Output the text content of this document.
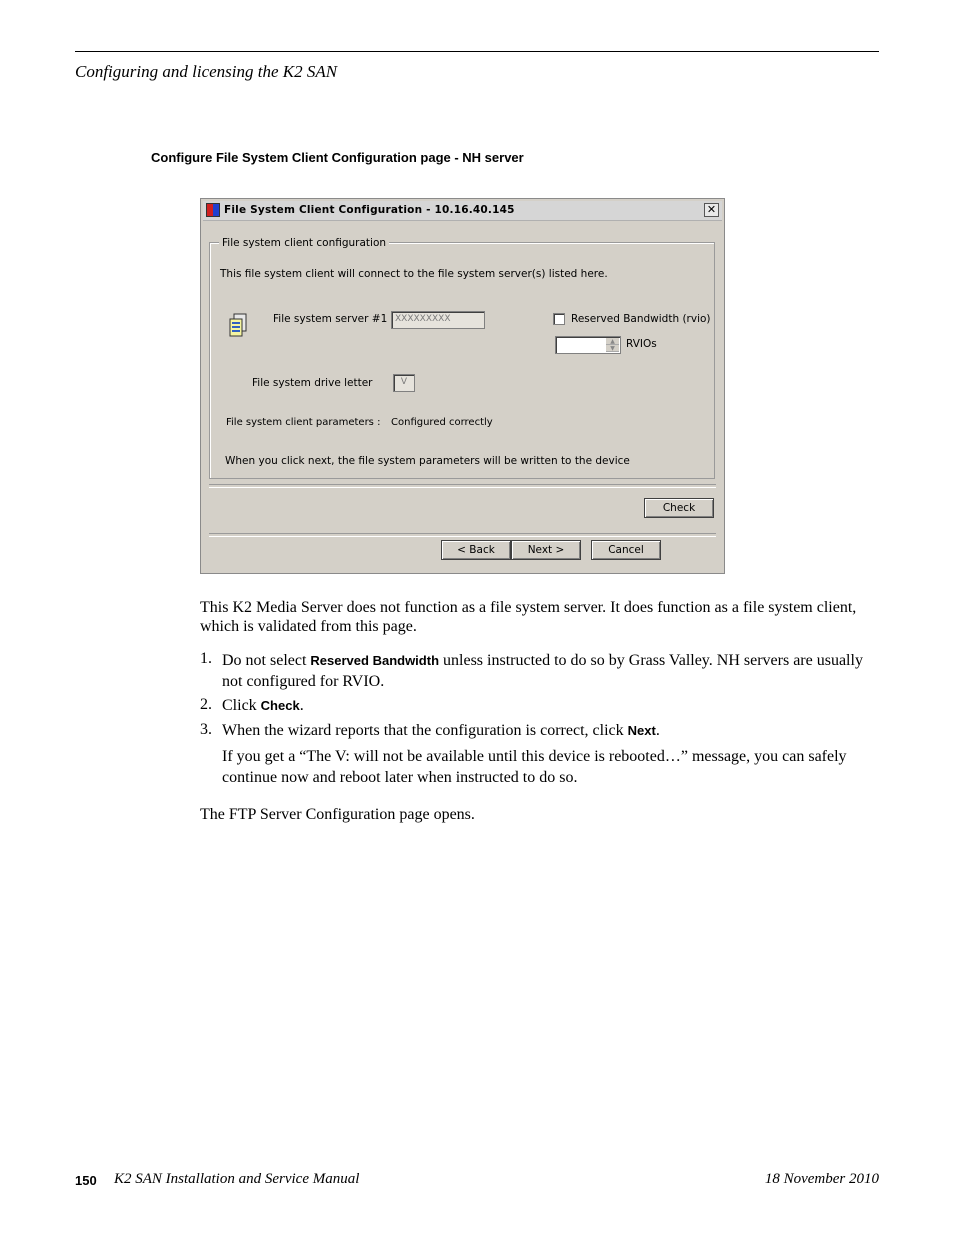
Configuring and licensing the K2 SAN
Configure File System Client Configuration page - NH server
File System Client Configuration - 10.16.40.145	✕
File system client configuration
This file system client will connect to the file system server(s) listed here.
File system server #1 XXXXXXXXX	Reserved Bandwidth (rvio)
▲
▼	RVIOs
File system drive letter	V
File system client parameters : Configured correctly
When you click next, the file system parameters will be written to the device
Check
< Back	Next >	Cancel
This K2 Media Server does not function as a file system server. It does function as a file system client, which is validated from this page.
1. Do not select Reserved Bandwidth unless instructed to do so by Grass Valley. NH servers are usually not configured for RVIO.
2. Click Check.
3. When the wizard reports that the configuration is correct, click Next.
If you get a “The V: will not be available until this device is rebooted…” message, you can safely continue now and reboot later when instructed to do so.
The FTP Server Configuration page opens.
150 K2 SAN Installation and Service Manual	18 November 2010
